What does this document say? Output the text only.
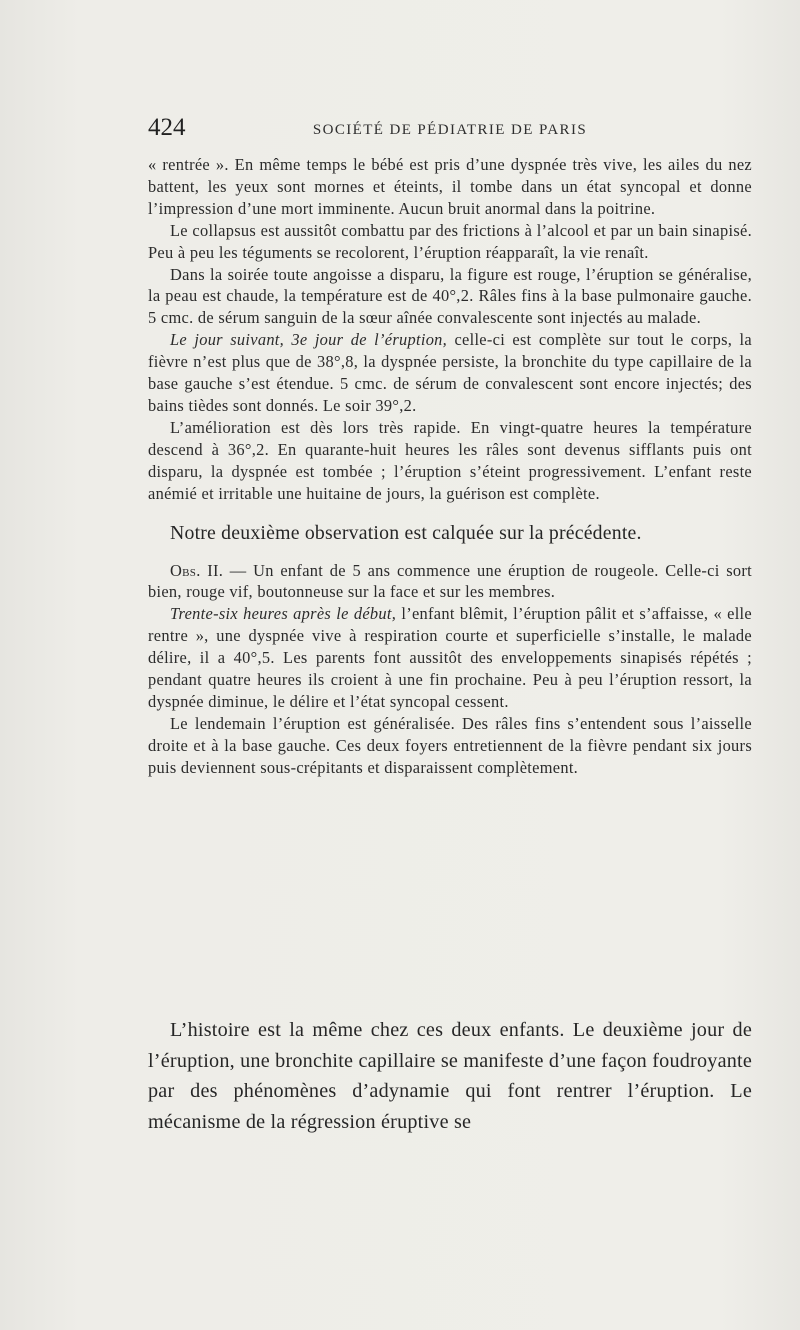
424	SOCIÉTÉ DE PÉDIATRIE DE PARIS

« rentrée ». En même temps le bébé est pris d’une dyspnée très vive, les ailes du nez battent, les yeux sont mornes et éteints, il tombe dans un état syncopal et donne l’impression d’une mort imminente. Aucun bruit anormal dans la poitrine.

Le collapsus est aussitôt combattu par des frictions à l’alcool et par un bain sinapisé. Peu à peu les téguments se recolorent, l’éruption réapparaît, la vie renaît.

Dans la soirée toute angoisse a disparu, la figure est rouge, l’éruption se généralise, la peau est chaude, la température est de 40°,2. Râles fins à la base pulmonaire gauche. 5 cmc. de sérum sanguin de la sœur aînée convalescente sont injectés au malade.

Le jour suivant, 3e jour de l’éruption, celle-ci est complète sur tout le corps, la fièvre n’est plus que de 38°,8, la dyspnée persiste, la bronchite du type capillaire de la base gauche s’est étendue. 5 cmc. de sérum de convalescent sont encore injectés; des bains tièdes sont donnés. Le soir 39°,2.

L’amélioration est dès lors très rapide. En vingt-quatre heures la température descend à 36°,2. En quarante-huit heures les râles sont devenus sifflants puis ont disparu, la dyspnée est tombée ; l’éruption s’éteint progressivement. L’enfant reste anémié et irritable une huitaine de jours, la guérison est complète.

Notre deuxième observation est calquée sur la précédente.

Obs. II. — Un enfant de 5 ans commence une éruption de rougeole. Celle-ci sort bien, rouge vif, boutonneuse sur la face et sur les membres.

Trente-six heures après le début, l’enfant blêmit, l’éruption pâlit et s’affaisse, « elle rentre », une dyspnée vive à respiration courte et superficielle s’installe, le malade délire, il a 40°,5. Les parents font aussitôt des enveloppements sinapisés répétés ; pendant quatre heures ils croient à une fin prochaine. Peu à peu l’éruption ressort, la dyspnée diminue, le délire et l’état syncopal cessent.

Le lendemain l’éruption est généralisée. Des râles fins s’entendent sous l’aisselle droite et à la base gauche. Ces deux foyers entretiennent de la fièvre pendant six jours puis deviennent sous-crépitants et disparaissent complètement.

L’histoire est la même chez ces deux enfants. Le deuxième jour de l’éruption, une bronchite capillaire se manifeste d’une façon foudroyante par des phénomènes d’adynamie qui font rentrer l’éruption. Le mécanisme de la régression éruptive se
